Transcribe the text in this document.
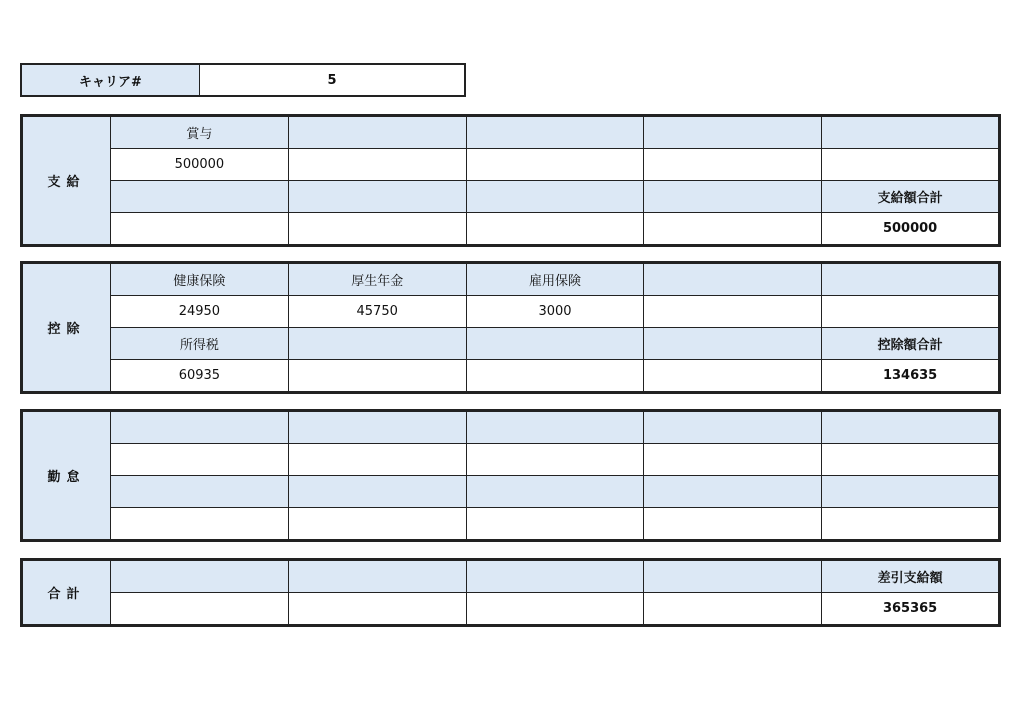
キャリア#	5
支給	賞与				
	500000				
					支給額合計
					500000
控除	健康保険	厚生年金	雇用保険		
	24950	45750	3000		
	所得税				控除額合計
	60935				134635
勤怠					

合計					差引支給額
					365365
